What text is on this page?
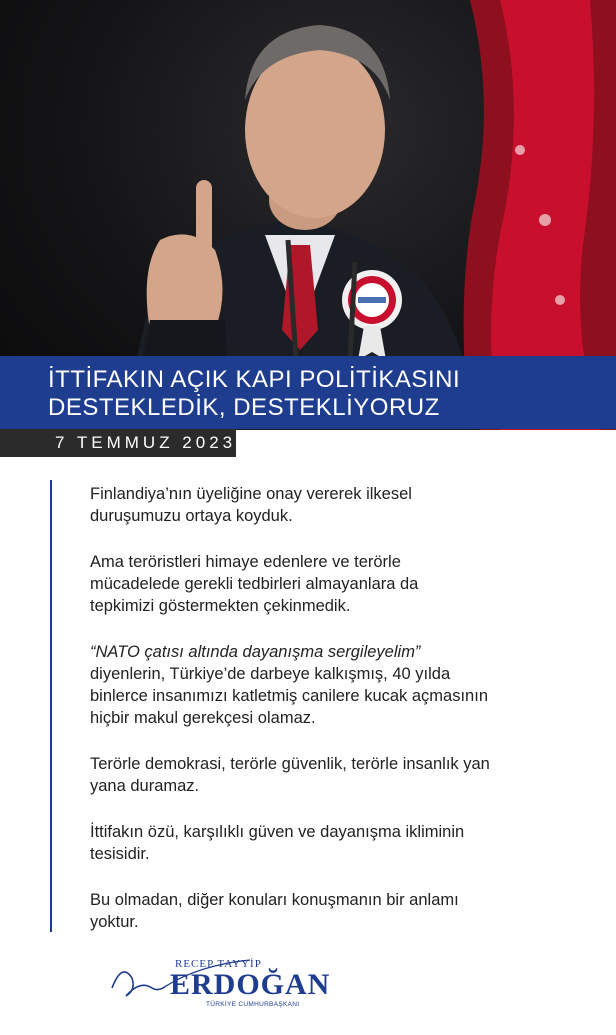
İTTİFAKIN AÇIK KAPI POLİTİKASINI
DESTEKLEDİK, DESTEKLİYORUZ
7 TEMMUZ 2023

Finlandiya’nın üyeliğine onay vererek ilkesel
duruşumuzu ortaya koyduk.

Ama teröristleri himaye edenlere ve terörle
mücadelede gerekli tedbirleri almayanlara da
tepkimizi göstermekten çekinmedik.

“NATO çatısı altında dayanışma sergileyelim”

diyenlerin, Türkiye’de darbeye kalkışmış, 40 yılda
binlerce insanımızı katletmiş canilere kucak açmasının
hiçbir makul gerekçesi olamaz.

Terörle demokrasi, terörle güvenlik, terörle insanlık yan
yana duramaz.

İttifakın özü, karşılıklı güven ve dayanışma ikliminin
tesisidir.

Bu olmadan, diğer konuları konuşmanın bir anlamı
yoktur.

RECEP TAYYİP
ERDOĞAN
TÜRKİYE CUMHURBAŞKANI
